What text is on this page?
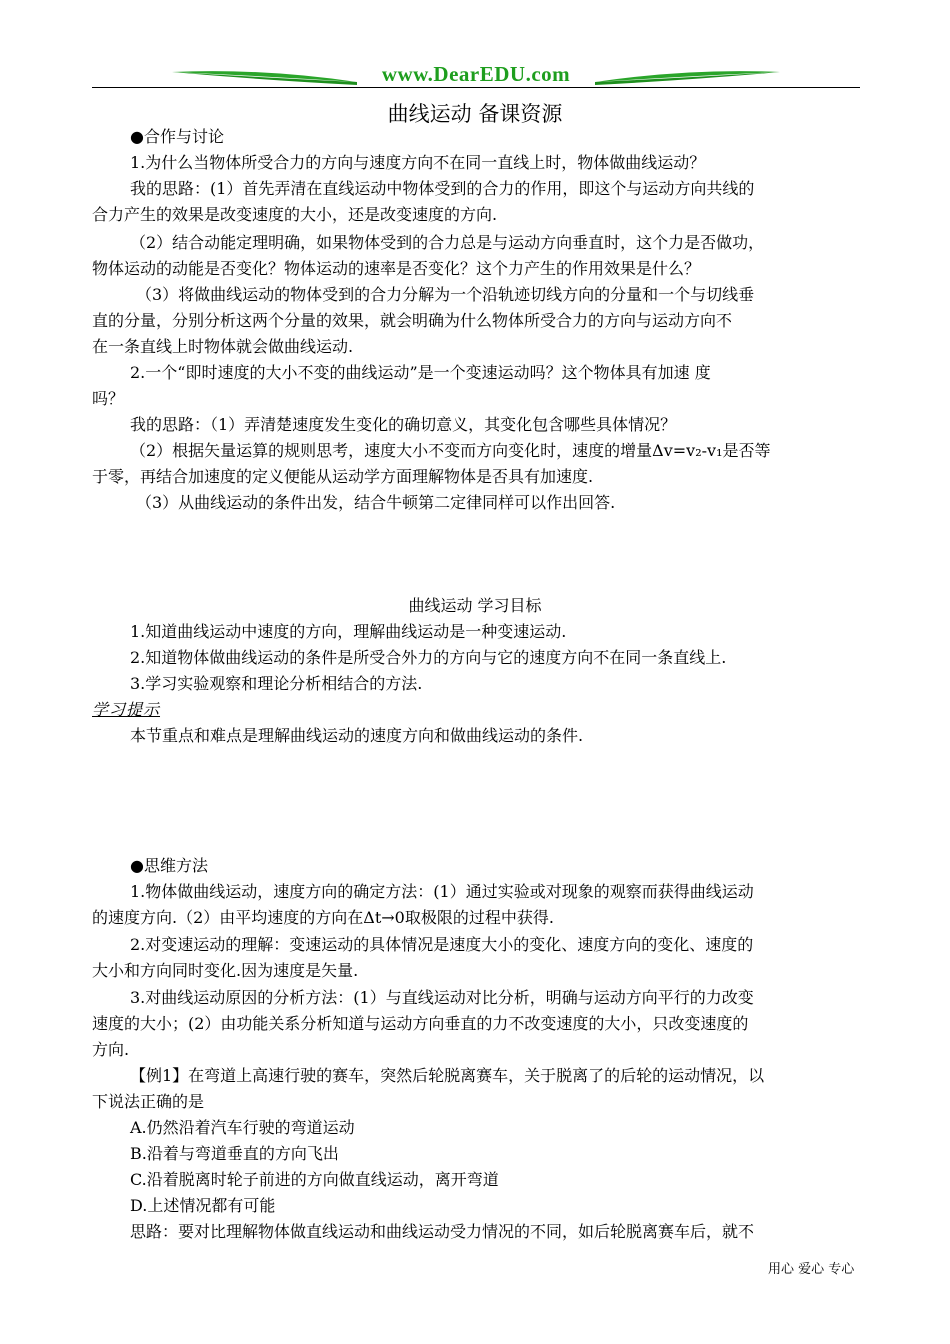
www.DearEDU.com
曲线运动 备课资源
●合作与讨论
1.为什么当物体所受合力的方向与速度方向不在同一直线上时，物体做曲线运动？
我的思路：(1）首先弄清在直线运动中物体受到的合力的作用，即这个与运动方向共线的
合力产生的效果是改变速度的大小，还是改变速度的方向.
（2）结合动能定理明确，如果物体受到的合力总是与运动方向垂直时，这个力是否做功，
物体运动的动能是否变化？物体运动的速率是否变化？这个力产生的作用效果是什么？
（3）将做曲线运动的物体受到的合力分解为一个沿轨迹切线方向的分量和一个与切线垂
直的分量，分别分析这两个分量的效果，就会明确为什么物体所受合力的方向与运动方向不
在一条直线上时物体就会做曲线运动.
2.一个“即时速度的大小不变的曲线运动”是一个变速运动吗？这个物体具有加速 度
吗？
我的思路：（1）弄清楚速度发生变化的确切意义，其变化包含哪些具体情况？
（2）根据矢量运算的规则思考，速度大小不变而方向变化时，速度的增量Δv=v₂-v₁是否等
于零，再结合加速度的定义便能从运动学方面理解物体是否具有加速度.
（3）从曲线运动的条件出发，结合牛顿第二定律同样可以作出回答.
曲线运动 学习目标
1.知道曲线运动中速度的方向，理解曲线运动是一种变速运动.
2.知道物体做曲线运动的条件是所受合外力的方向与它的速度方向不在同一条直线上.
3.学习实验观察和理论分析相结合的方法.
学习提示
本节重点和难点是理解曲线运动的速度方向和做曲线运动的条件.
●思维方法
1.物体做曲线运动，速度方向的确定方法：(1）通过实验或对现象的观察而获得曲线运动
的速度方向.（2）由平均速度的方向在Δt→0取极限的过程中获得.
2.对变速运动的理解：变速运动的具体情况是速度大小的变化、速度方向的变化、速度的
大小和方向同时变化.因为速度是矢量.
3.对曲线运动原因的分析方法：(1）与直线运动对比分析，明确与运动方向平行的力改变
速度的大小；(2）由功能关系分析知道与运动方向垂直的力不改变速度的大小，只改变速度的
方向.
【例1】在弯道上高速行驶的赛车，突然后轮脱离赛车，关于脱离了的后轮的运动情况，以
下说法正确的是
A.仍然沿着汽车行驶的弯道运动
B.沿着与弯道垂直的方向飞出
C.沿着脱离时轮子前进的方向做直线运动，离开弯道
D.上述情况都有可能
思路：要对比理解物体做直线运动和曲线运动受力情况的不同，如后轮脱离赛车后，就不
用心 爱心 专心
